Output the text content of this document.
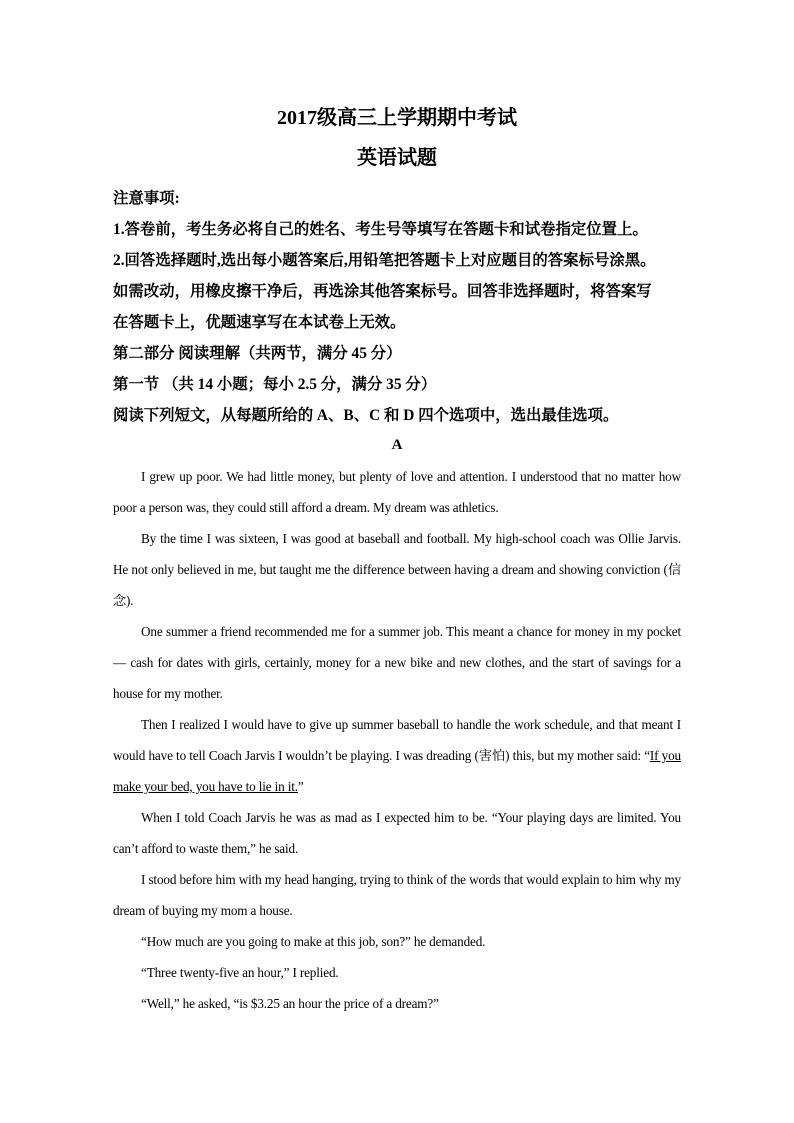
2017级高三上学期期中考试
英语试题
注意事项:
1.答卷前，考生务必将自己的姓名、考生号等填写在答题卡和试卷指定位置上。
2.回答选择题时,选出每小题答案后,用铅笔把答题卡上对应题目的答案标号涂黑。
如需改动，用橡皮擦干净后，再选涂其他答案标号。回答非选择题时，将答案写
在答题卡上，优题速享写在本试卷上无效。
第二部分 阅读理解（共两节，满分 45 分）
第一节 （共 14 小题；每小 2.5 分，满分 35 分）
阅读下列短文，从每题所给的 A、B、C 和 D 四个选项中，选出最佳选项。
A

I grew up poor. We had little money, but plenty of love and attention. I understood that no matter how poor a person was, they could still afford a dream. My dream was athletics.

By the time I was sixteen, I was good at baseball and football. My high-school coach was Ollie Jarvis. He not only believed in me, but taught me the difference between having a dream and showing conviction (信念).

One summer a friend recommended me for a summer job. This meant a chance for money in my pocket — cash for dates with girls, certainly, money for a new bike and new clothes, and the start of savings for a house for my mother.

Then I realized I would have to give up summer baseball to handle the work schedule, and that meant I would have to tell Coach Jarvis I wouldn’t be playing. I was dreading (害怕) this, but my mother said: “If you make your bed, you have to lie in it.”

When I told Coach Jarvis he was as mad as I expected him to be. “Your playing days are limited. You can’t afford to waste them,” he said.

I stood before him with my head hanging, trying to think of the words that would explain to him why my dream of buying my mom a house.

“How much are you going to make at this job, son?” he demanded.

“Three twenty-five an hour,” I replied.

“Well,” he asked, “is $3.25 an hour the price of a dream?”
